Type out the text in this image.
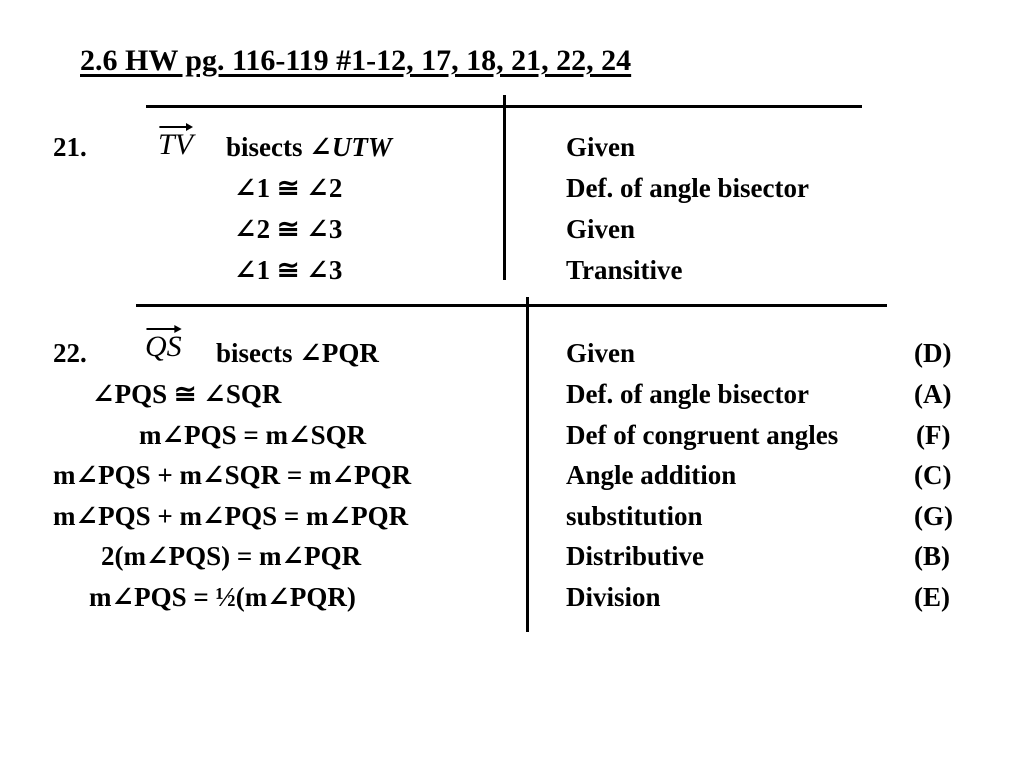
2.6 HW pg. 116-119 #1-12, 17, 18, 21, 22, 24
21. TV bisects ∠UTW
∠1 ≅ ∠2
∠2 ≅ ∠3
∠1 ≅ ∠3
Given
Def. of angle bisector
Given
Transitive
22. QS bisects ∠PQR
∠PQS ≅ ∠SQR
m∠PQS = m∠SQR
m∠PQS + m∠SQR = m∠PQR
m∠PQS + m∠PQS = m∠PQR
2(m∠PQS) = m∠PQR
m∠PQS = ½(m∠PQR)
Given
Def. of angle bisector
Def of congruent angles
Angle addition
substitution
Distributive
Division
(D)
(A)
(F)
(C)
(G)
(B)
(E)
